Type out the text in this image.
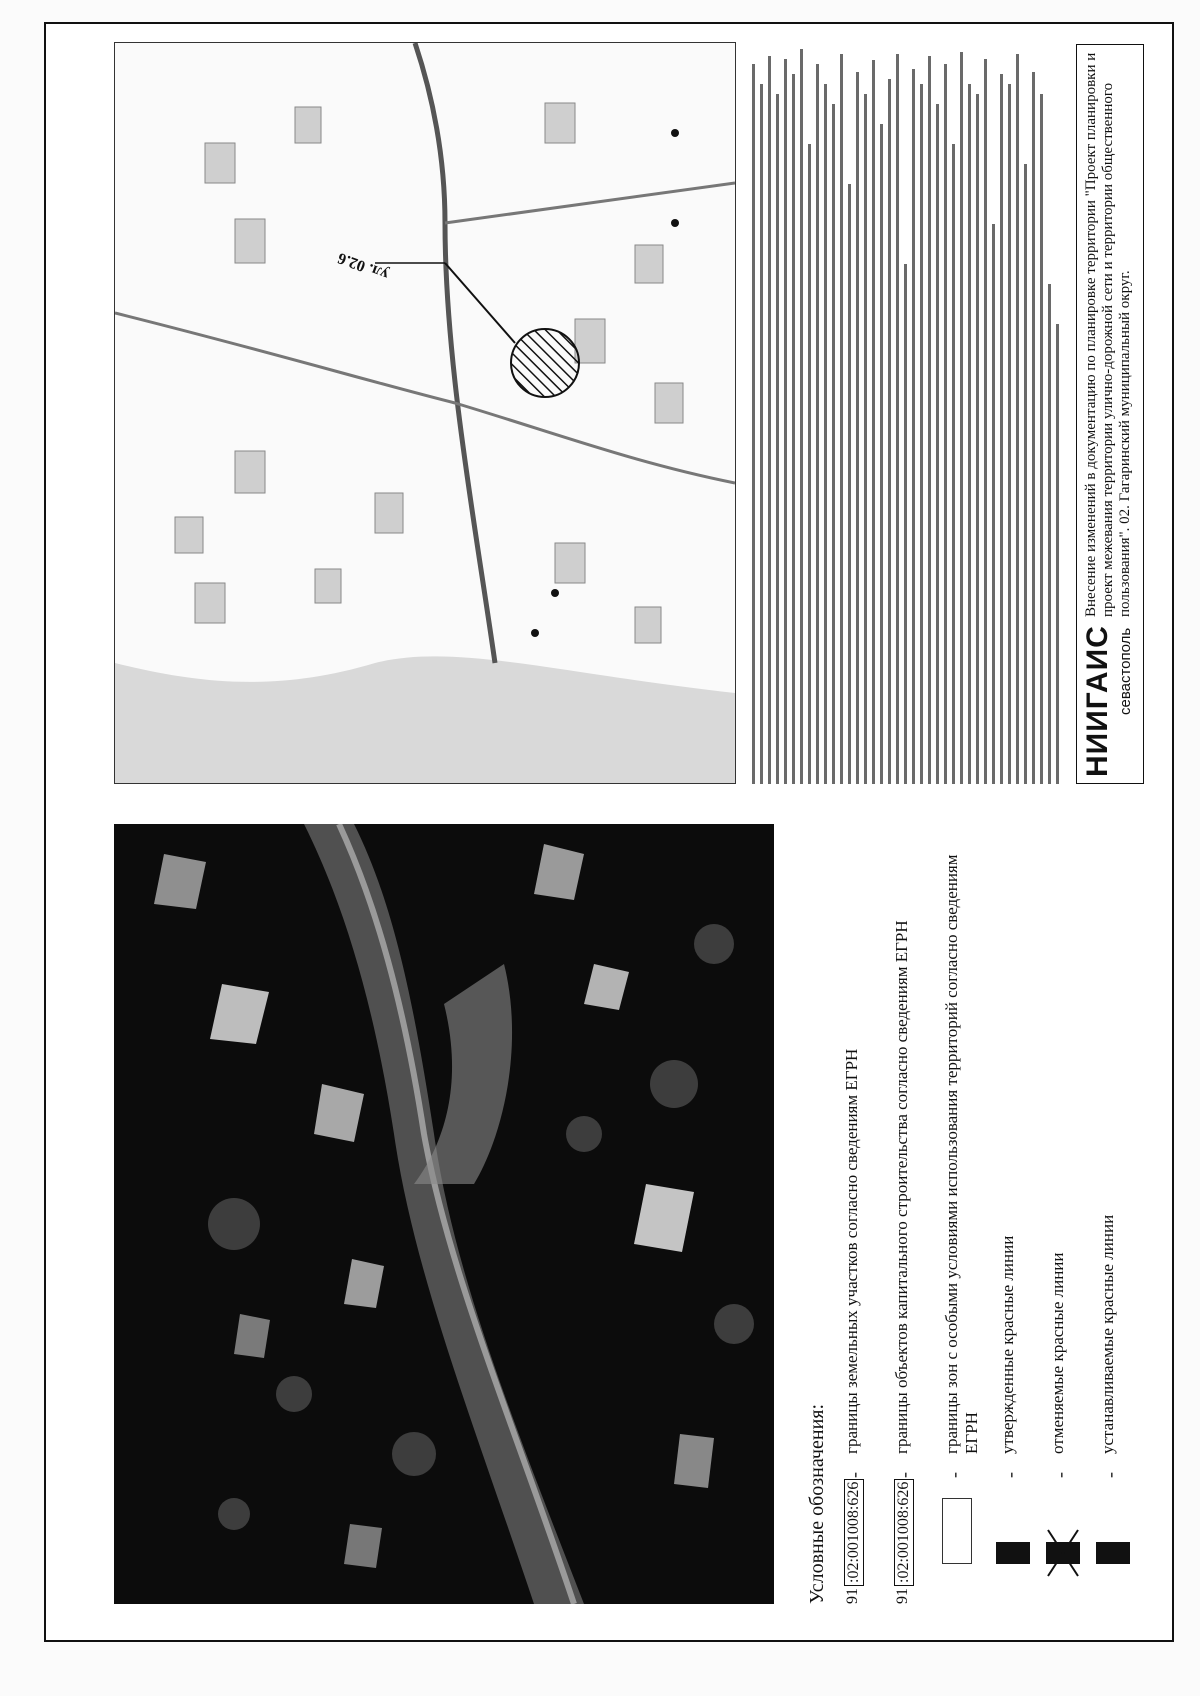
Условные обозначения: 91
:02:001008:626
-
границы земельных участков согласно сведениям ЕГРН
91
:02:001008:626
-
границы объектов капитального строительства согласно сведениям ЕГРН
-
границы зон с особыми условиями использования территорий согласно сведениям ЕГРН
-
утвержденные красные линии
-
отменяемые красные линии
-
устанавливаемые красные линии
ул. 02.6
НИИГАИС севастополь
Внесение изменений в документацию по планировке территории "Проект планировки и проект межевания территории улично-дорожной сети и территории общественного пользования". 02. Гагаринский муниципальный округ.
